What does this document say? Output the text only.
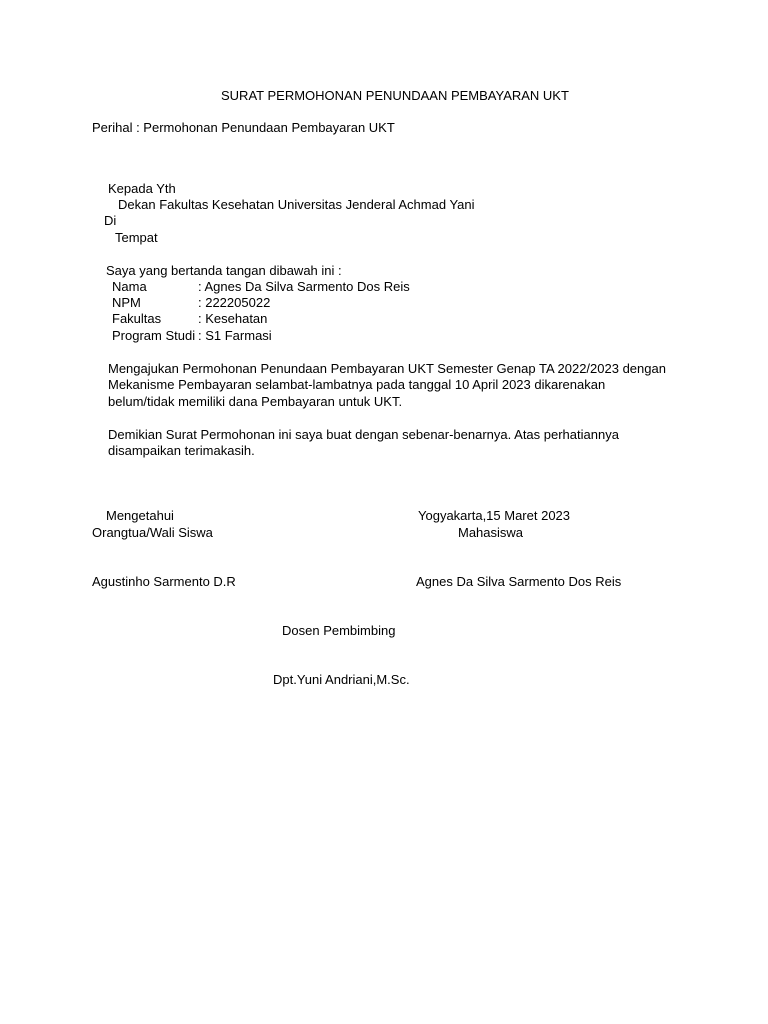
SURAT PERMOHONAN PENUNDAAN PEMBAYARAN UKT
Perihal : Permohonan Penundaan Pembayaran UKT
Kepada Yth
Dekan Fakultas Kesehatan Universitas Jenderal Achmad Yani
Di
Tempat
Saya yang bertanda tangan dibawah ini :
Nama	: Agnes Da Silva Sarmento Dos Reis
NPM	: 222205022
Fakultas	: Kesehatan
Program Studi : S1 Farmasi
Mengajukan Permohonan Penundaan Pembayaran UKT Semester Genap TA 2022/2023 dengan
Mekanisme Pembayaran selambat-lambatnya pada tanggal 10 April 2023 dikarenakan
belum/tidak memiliki dana Pembayaran untuk UKT.
Demikian Surat Permohonan ini saya buat dengan sebenar-benarnya. Atas perhatiannya
disampaikan terimakasih.
Mengetahui
Orangtua/Wali Siswa
Yogyakarta,15 Maret 2023
Mahasiswa
Agustinho Sarmento D.R	Agnes Da Silva Sarmento Dos Reis
Dosen Pembimbing
Dpt.Yuni Andriani,M.Sc.
